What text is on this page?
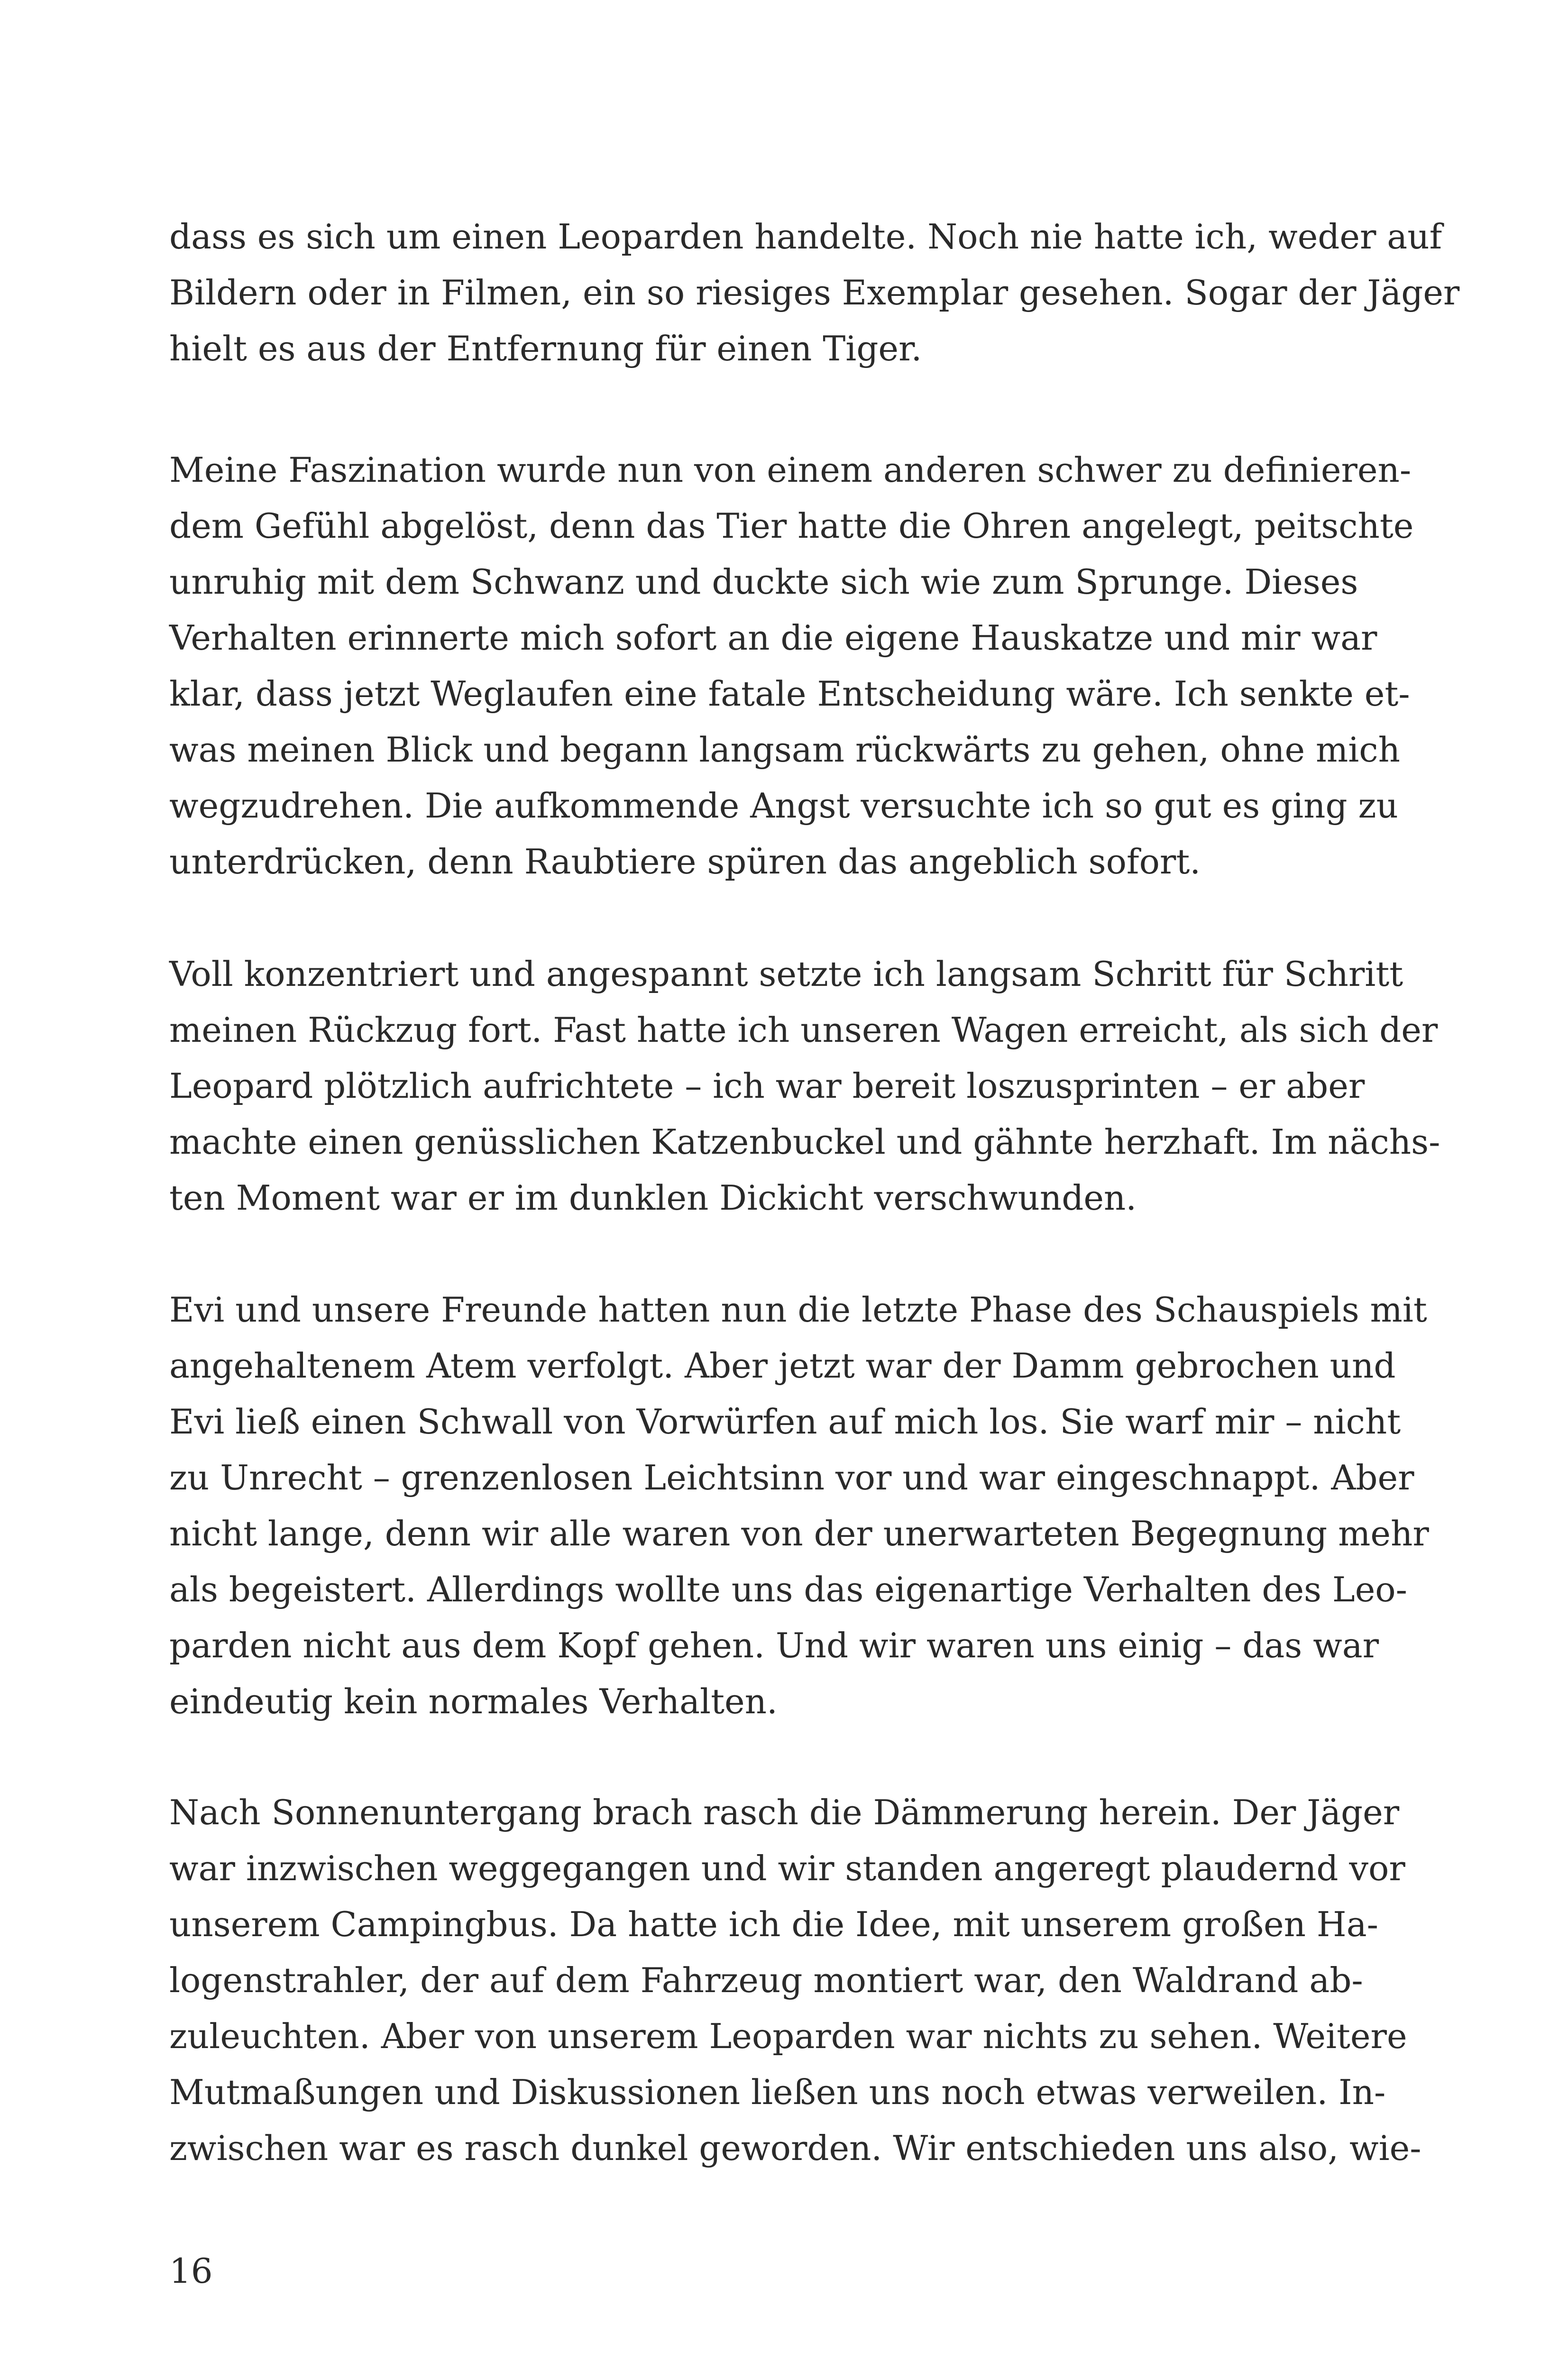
dass es sich um einen Leoparden handelte. Noch nie hatte ich, weder auf
Bildern oder in Filmen, ein so riesiges Exemplar gesehen. Sogar der Jäger
hielt es aus der Entfernung für einen Tiger.
Meine Faszination wurde nun von einem anderen schwer zu definieren-
dem Gefühl abgelöst, denn das Tier hatte die Ohren angelegt, peitschte
unruhig mit dem Schwanz und duckte sich wie zum Sprunge. Dieses
Verhalten erinnerte mich sofort an die eigene Hauskatze und mir war
klar, dass jetzt Weglaufen eine fatale Entscheidung wäre. Ich senkte et-
was meinen Blick und begann langsam rückwärts zu gehen, ohne mich
wegzudrehen. Die aufkommende Angst versuchte ich so gut es ging zu
unterdrücken, denn Raubtiere spüren das angeblich sofort.
Voll konzentriert und angespannt setzte ich langsam Schritt für Schritt
meinen Rückzug fort. Fast hatte ich unseren Wagen erreicht, als sich der
Leopard plötzlich aufrichtete – ich war bereit loszusprinten – er aber
machte einen genüsslichen Katzenbuckel und gähnte herzhaft. Im nächs-
ten Moment war er im dunklen Dickicht verschwunden.
Evi und unsere Freunde hatten nun die letzte Phase des Schauspiels mit
angehaltenem Atem verfolgt. Aber jetzt war der Damm gebrochen und
Evi ließ einen Schwall von Vorwürfen auf mich los. Sie warf mir – nicht
zu Unrecht – grenzenlosen Leichtsinn vor und war eingeschnappt. Aber
nicht lange, denn wir alle waren von der unerwarteten Begegnung mehr
als begeistert. Allerdings wollte uns das eigenartige Verhalten des Leo-
parden nicht aus dem Kopf gehen. Und wir waren uns einig – das war
eindeutig kein normales Verhalten.
Nach Sonnenuntergang brach rasch die Dämmerung herein. Der Jäger
war inzwischen weggegangen und wir standen angeregt plaudernd vor
unserem Campingbus. Da hatte ich die Idee, mit unserem großen Ha-
logenstrahler, der auf dem Fahrzeug montiert war, den Waldrand ab-
zuleuchten. Aber von unserem Leoparden war nichts zu sehen. Weitere
Mutmaßungen und Diskussionen ließen uns noch etwas verweilen. In-
zwischen war es rasch dunkel geworden. Wir entschieden uns also, wie-
16
